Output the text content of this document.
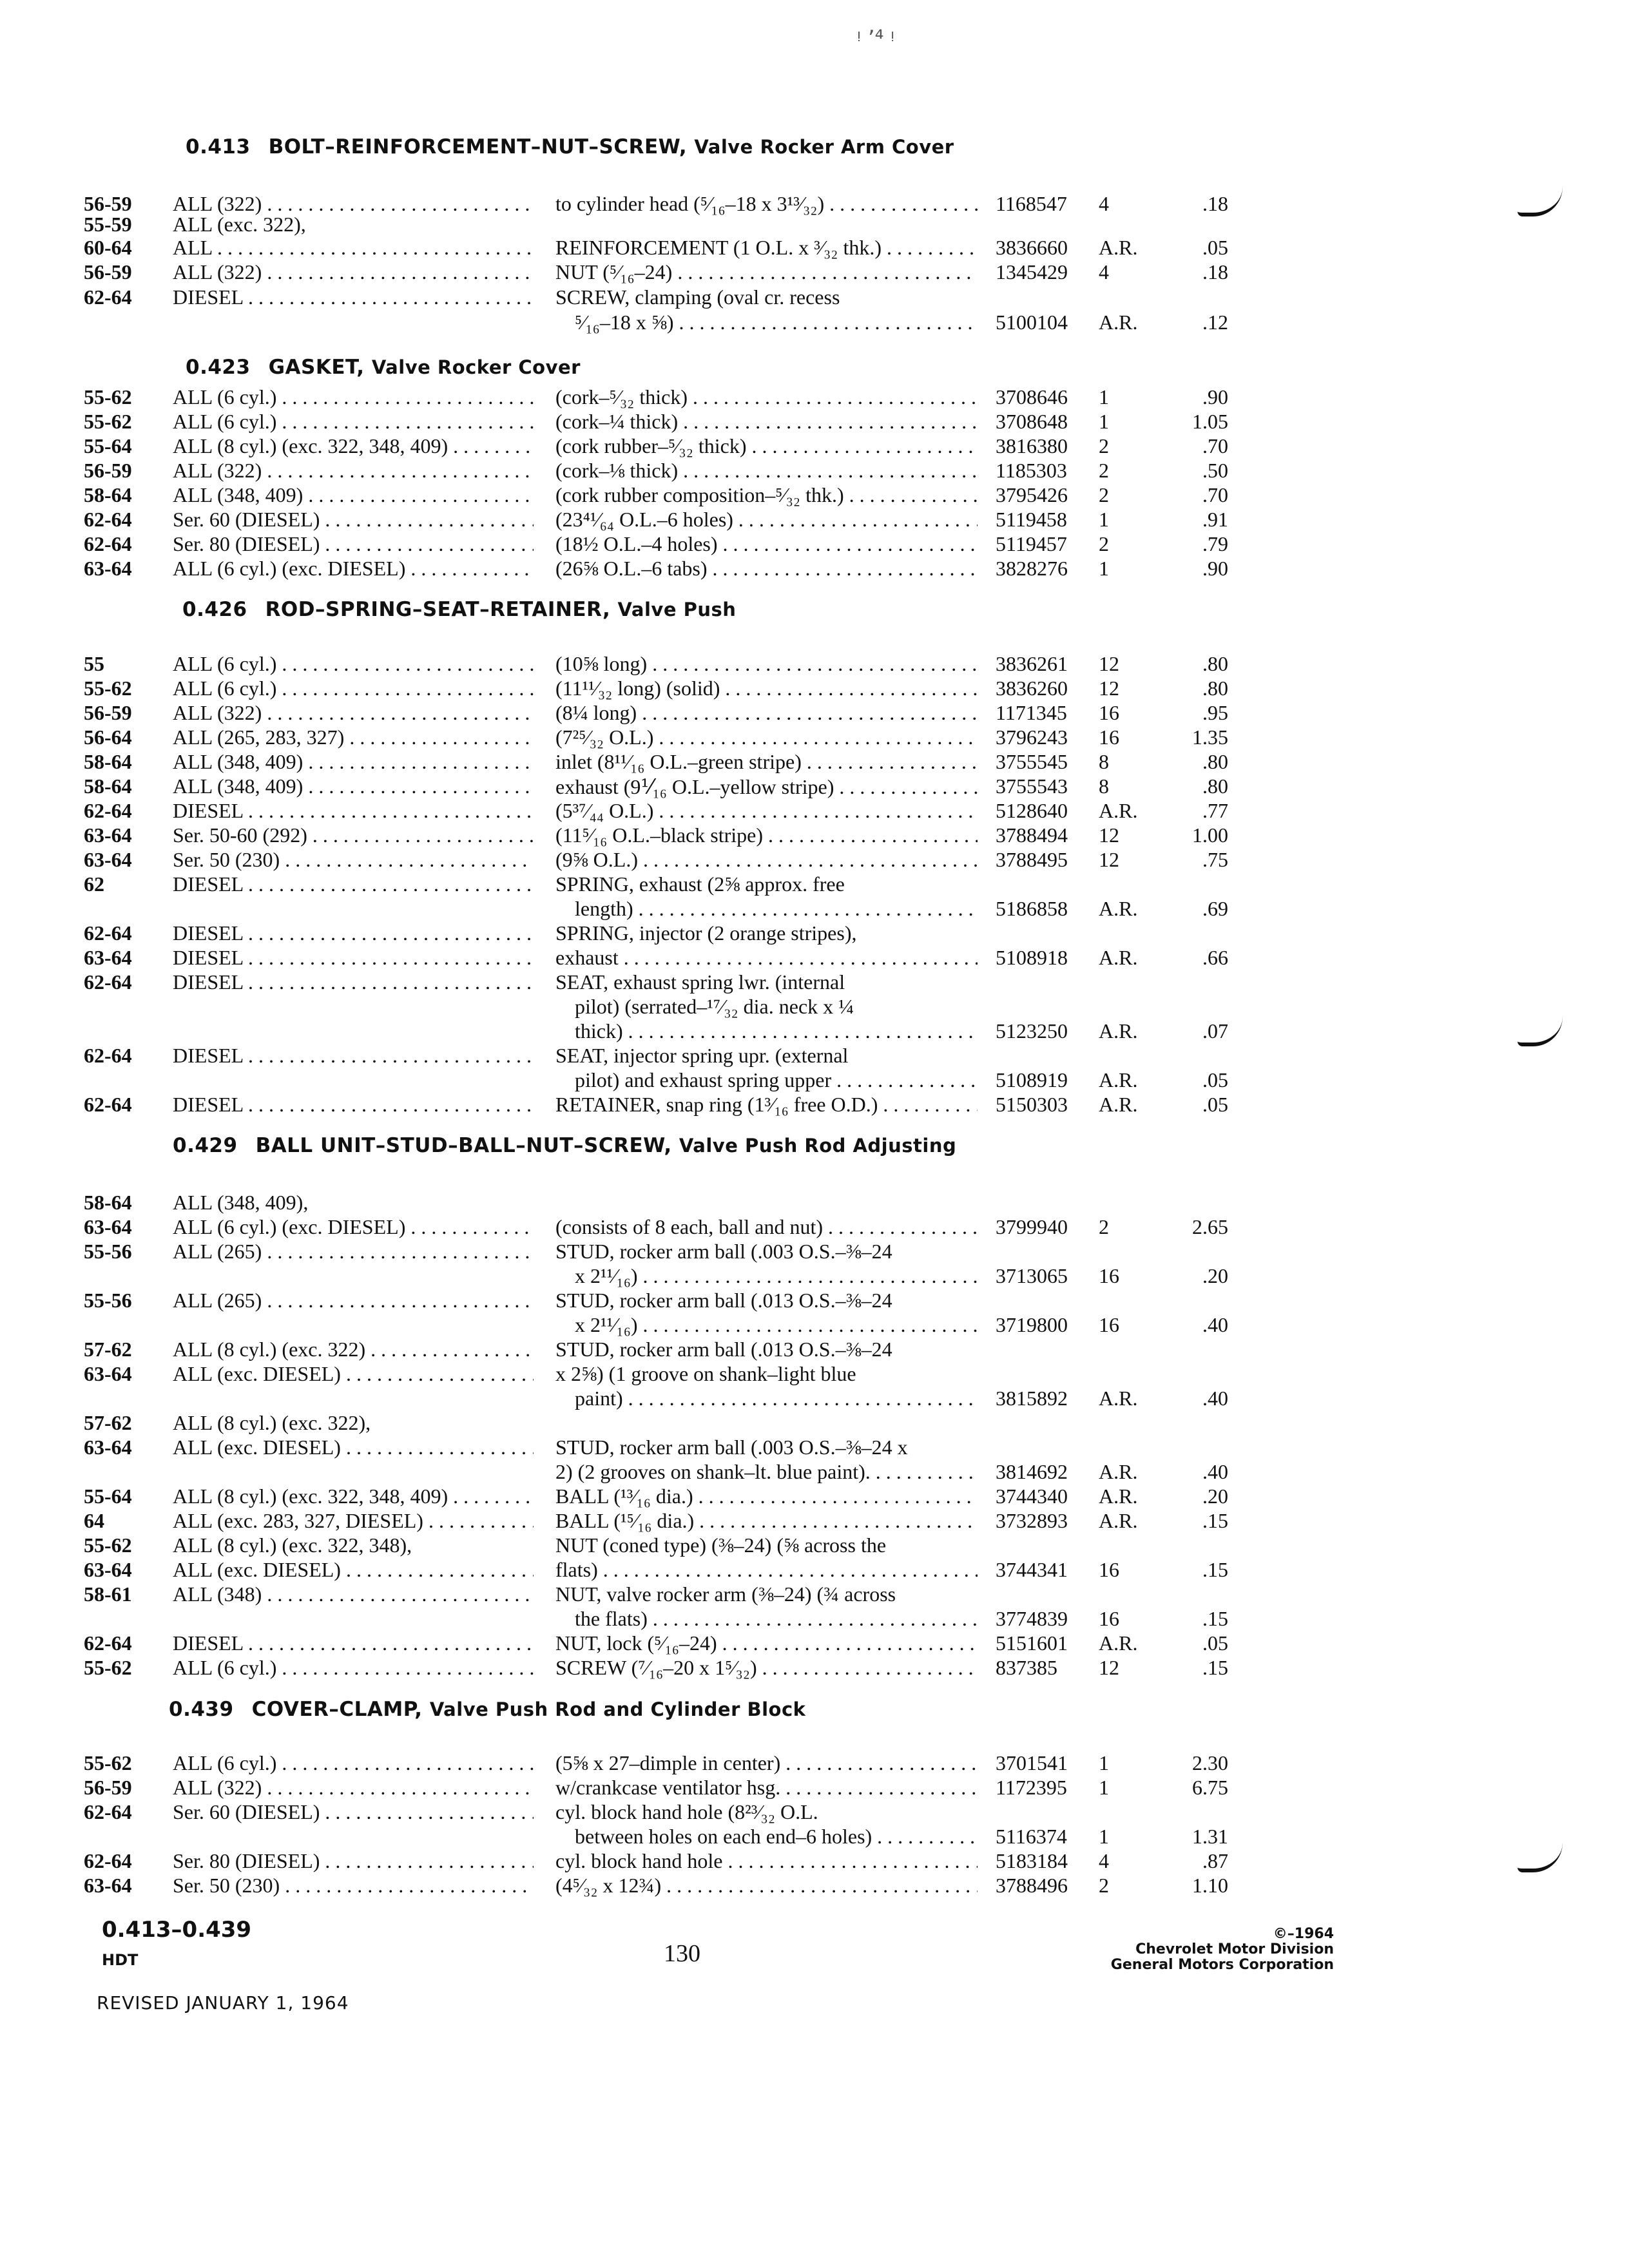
ᵎ ʼ⁴ ᵎ
0.413 BOLT–REINFORCEMENT–NUT–SCREW, Valve Rocker Arm Cover
56-59 ALL (322) . . .	to cylinder head (⁵⁄₁₆–18 x 3¹³⁄₃₂) . . .	1168547 4	.18
55-59 ALL (exc. 322),
60-64 ALL . . .	REINFORCEMENT (1 O.L. x ³⁄₃₂ thk.) . . .	3836660 A.R.	.05
56-59 ALL (322) . . .	NUT (⁵⁄₁₆–24) . . .	1345429 4	.18
62-64 DIESEL . . .	SCREW, clamping (oval cr. recess
⁵⁄₁₆–18 x ⅝) . . .	5100104 A.R.	.12
0.423 GASKET, Valve Rocker Cover
55-62 ALL (6 cyl.) . . .	(cork–⁵⁄₃₂ thick) . . .	3708646 1	.90
55-62 ALL (6 cyl.) . . .	(cork–¼ thick) . . .	3708648 1	1.05
55-64 ALL (8 cyl.) (exc. 322, 348, 409) . . .	(cork rubber–⁵⁄₃₂ thick) . . .	3816380 2	.70
56-59 ALL (322) . . .	(cork–⅛ thick) . . .	1185303 2	.50
58-64 ALL (348, 409) . . .	(cork rubber composition–⁵⁄₃₂ thk.) . . .	3795426 2	.70
62-64 Ser. 60 (DIESEL) . . .	(23⁴¹⁄₆₄ O.L.–6 holes) . . .	5119458 1	.91
62-64 Ser. 80 (DIESEL) . . .	(18½ O.L.–4 holes) . . .	5119457 2	.79
63-64 ALL (6 cyl.) (exc. DIESEL) . . .	(26⅝ O.L.–6 tabs) . . .	3828276 1	.90
0.426 ROD–SPRING–SEAT–RETAINER, Valve Push
55	ALL (6 cyl.) . . .	(10⅝ long) . . .	3836261 12	.80
55-62 ALL (6 cyl.) . . .	(11¹¹⁄₃₂ long) (solid) . . .	3836260 12	.80
56-59 ALL (322) . . .	(8¼ long) . . .	1171345 16	.95
56-64 ALL (265, 283, 327) . . .	(7²⁵⁄₃₂ O.L.) . . .	3796243 16	1.35
58-64 ALL (348, 409) . . .	inlet (8¹¹⁄₁₆ O.L.–green stripe) . . .	3755545 8	.80
58-64 ALL (348, 409) . . .	exhaust (9⅟₁₆ O.L.–yellow stripe) . . .	3755543 8	.80
62-64 DIESEL . . .	(5³⁷⁄₄₄ O.L.) . . .	5128640 A.R.	.77
63-64 Ser. 50-60 (292) . . .	(11⁵⁄₁₆ O.L.–black stripe) . . .	3788494 12	1.00
63-64 Ser. 50 (230) . . .	(9⅝ O.L.) . . .	3788495 12	.75
62	DIESEL . . .	SPRING, exhaust (2⅝ approx. free
length) . . .	5186858 A.R.	.69
62-64 DIESEL . . .	SPRING, injector (2 orange stripes),
63-64 DIESEL . . .	exhaust . . .	5108918 A.R.	.66
62-64 DIESEL . . .	SEAT, exhaust spring lwr. (internal
pilot) (serrated–¹⁷⁄₃₂ dia. neck x ¼
thick) . . .	5123250 A.R.	.07
62-64 DIESEL . . .	SEAT, injector spring upr. (external
pilot) and exhaust spring upper . . .	5108919 A.R.	.05
62-64 DIESEL . . .	RETAINER, snap ring (1³⁄₁₆ free O.D.) . . .	5150303 A.R.	.05
0.429 BALL UNIT–STUD–BALL–NUT–SCREW, Valve Push Rod Adjusting
58-64 ALL (348, 409),
63-64 ALL (6 cyl.) (exc. DIESEL) . . .	(consists of 8 each, ball and nut) . . .	3799940 2	2.65
55-56 ALL (265) . . .	STUD, rocker arm ball (.003 O.S.–⅜–24
x 2¹¹⁄₁₆) . . .	3713065 16	.20
55-56 ALL (265) . . .	STUD, rocker arm ball (.013 O.S.–⅜–24
x 2¹¹⁄₁₆) . . .	3719800 16	.40
57-62 ALL (8 cyl.) (exc. 322) . . .	STUD, rocker arm ball (.013 O.S.–⅜–24
63-64 ALL (exc. DIESEL) . . .	x 2⅝) (1 groove on shank–light blue
paint) . . .	3815892 A.R.	.40
57-62 ALL (8 cyl.) (exc. 322),
63-64 ALL (exc. DIESEL) . . .	STUD, rocker arm ball (.003 O.S.–⅜–24 x
2) (2 grooves on shank–lt. blue paint). . . .	3814692 A.R.	.40
55-64 ALL (8 cyl.) (exc. 322, 348, 409) . . .	BALL (¹³⁄₁₆ dia.) . . .	3744340 A.R.	.20
64	ALL (exc. 283, 327, DIESEL) . . .	BALL (¹⁵⁄₁₆ dia.) . . .	3732893 A.R.	.15
55-62 ALL (8 cyl.) (exc. 322, 348),	NUT (coned type) (⅜–24) (⅝ across the
63-64 ALL (exc. DIESEL) . . .	flats) . . .	3744341 16	.15
58-61 ALL (348) . . .	NUT, valve rocker arm (⅜–24) (¾ across
the flats) . . .	3774839 16	.15
62-64 DIESEL . . .	NUT, lock (⁵⁄₁₆–24) . . .	5151601 A.R.	.05
55-62 ALL (6 cyl.) . . .	SCREW (⁷⁄₁₆–20 x 1⁵⁄₃₂) . . .	837385 12	.15
0.439 COVER–CLAMP, Valve Push Rod and Cylinder Block
55-62 ALL (6 cyl.) . . .	(5⅝ x 27–dimple in center) . . .	3701541 1	2.30
56-59 ALL (322) . . .	w/crankcase ventilator hsg. . . .	1172395 1	6.75
62-64 Ser. 60 (DIESEL) . . .	cyl. block hand hole (8²³⁄₃₂ O.L.
between holes on each end–6 holes) . . .	5116374 1	1.31
62-64 Ser. 80 (DIESEL) . . .	cyl. block hand hole . . .	5183184 4	.87
63-64 Ser. 50 (230) . . .	(4⁵⁄₃₂ x 12¾) . . .	3788496 2	1.10
0.413–0.439
HDT	130
REVISED JANUARY 1, 1964
©–1964
Chevrolet Motor Division
General Motors Corporation
